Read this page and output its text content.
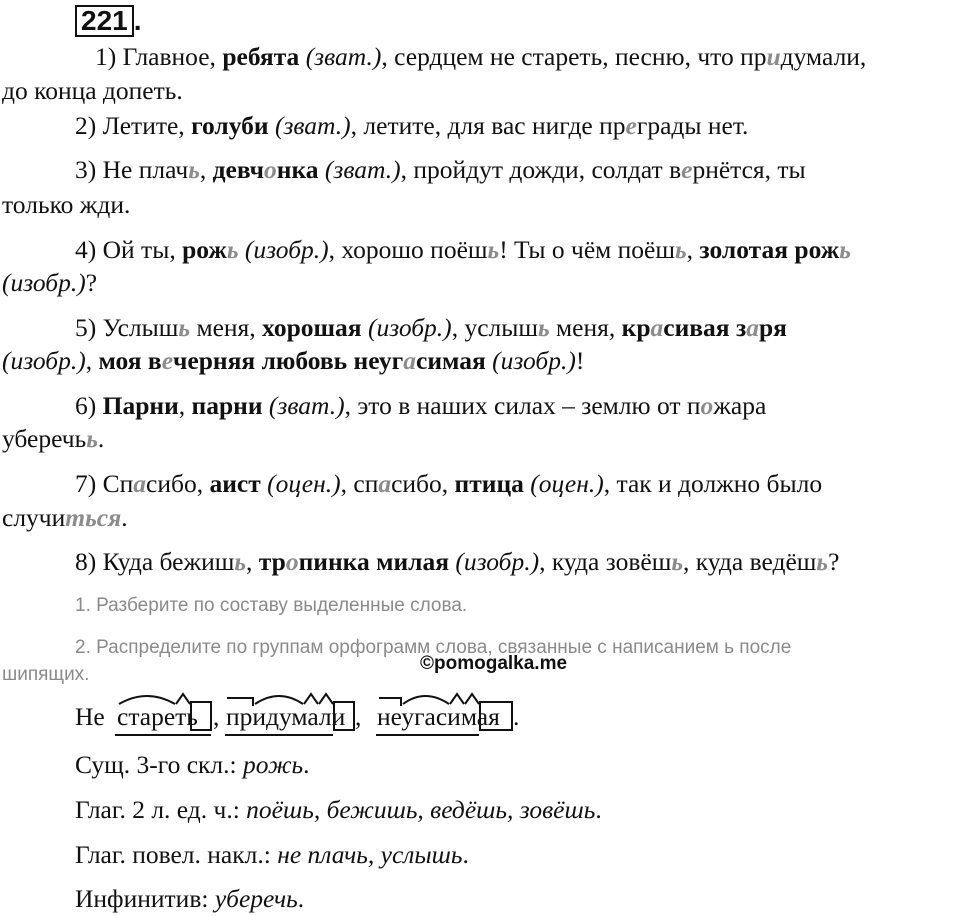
221 .
1) Главное, ребята (зват.), сердцем не стареть, песню, что придумали,
до конца допеть.
2) Летите, голуби (зват.), летите, для вас нигде преграды нет.
3) Не плачь, девчонка (зват.), пройдут дожди, солдат вернётся, ты
только жди.
4) Ой ты, рожь (изобр.), хорошо поёшь! Ты о чём поёшь, золотая рожь
(изобр.)?
5) Услышь меня, хорошая (изобр.), услышь меня, красивая заря
(изобр.), моя вечерняя любовь неугасимая (изобр.)!
6) Парни, парни (зват.), это в наших силах – землю от пожара
уберечьь.
7) Спасибо, аист (оцен.), спасибо, птица (оцен.), так и должно было
случиться.
8) Куда бежишь, тропинка милая (изобр.), куда зовёшь, куда ведёшь?
1. Разберите по составу выделенные слова.
2. Распределите по группам орфограмм слова, связанные с написанием ь после
шипящих.
©pomogalka.me
Не стареть , придумали , неугасимая .
Сущ. 3-го скл.: рожь.
Глаг. 2 л. ед. ч.: поёшь, бежишь, ведёшь, зовёшь.
Глаг. повел. накл.: не плачь, услышь.
Инфинитив: уберечь.
